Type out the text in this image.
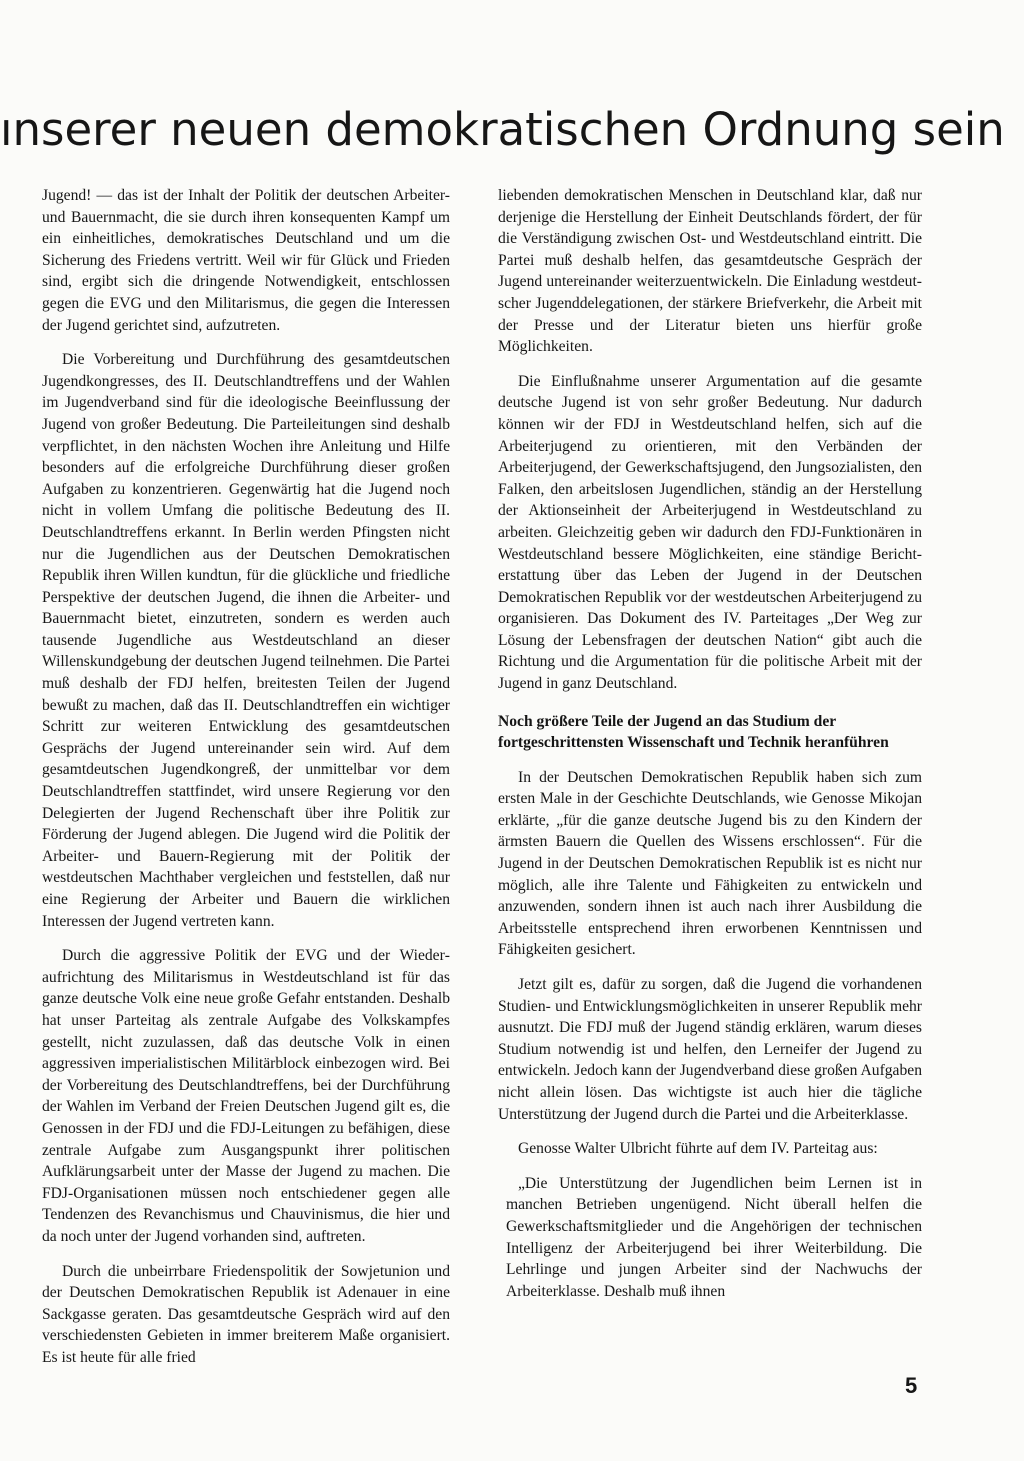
ınserer neuen demokratischen Ordnung sein

Jugend! — das ist der Inhalt der Politik der deutschen Arbeiter- und Bauernmacht, die sie durch ihren konsequenten Kampf um ein einheitliches, demokratisches Deutschland und um die Sicherung des Friedens vertritt. Weil wir für Glück und Frieden sind, ergibt sich die dringende Notwendigkeit, entschlossen gegen die EVG und den Militarismus, die gegen die Interessen der Jugend gerichtet sind, aufzutreten.

Die Vorbereitung und Durchführung des gesamtdeutschen Jugendkongresses, des II. Deutschlandtreffens und der Wahlen im Jugendverband sind für die ideologische Beeinflussung der Jugend von großer Bedeutung. Die Parteileitungen sind deshalb verpflichtet, in den nächsten Wochen ihre Anleitung und Hilfe besonders auf die erfolgreiche Durchführung dieser großen Aufgaben zu konzentrieren. Gegenwärtig hat die Jugend noch nicht in vollem Umfang die politische Bedeutung des II. Deutschlandtreffens erkannt. In Berlin werden Pfingsten nicht nur die Jugendlichen aus der Deutschen Demokratischen Republik ihren Willen kundtun, für die glückliche und friedliche Perspektive der deutschen Jugend, die ihnen die Arbeiter- und Bauernmacht bietet, einzutreten, sondern es werden auch tausende Jugendliche aus Westdeutschland an dieser Willenskundgebung der deutschen Jugend teilnehmen. Die Partei muß deshalb der FDJ helfen, breitesten Teilen der Jugend bewußt zu machen, daß das II. Deutschlandtreffen ein wichtiger Schritt zur weiteren Entwicklung des gesamtdeutschen Gesprächs der Jugend untereinander sein wird. Auf dem gesamtdeutschen Jugendkongreß, der unmittelbar vor dem Deutschlandtreffen stattfindet, wird unsere Regierung vor den Delegierten der Jugend Rechenschaft über ihre Politik zur Förderung der Jugend ablegen. Die Jugend wird die Politik der Arbeiter- und Bauern-Regierung mit der Politik der westdeutschen Machthaber vergleichen und feststellen, daß nur eine Regierung der Arbeiter und Bauern die wirklichen Interessen der Jugend vertreten kann.

Durch die aggressive Politik der EVG und der Wiederaufrichtung des Militarismus in Westdeutschland ist für das ganze deutsche Volk eine neue große Gefahr entstanden. Deshalb hat unser Parteitag als zentrale Aufgabe des Volkskampfes gestellt, nicht zuzulassen, daß das deutsche Volk in einen aggressiven imperialistischen Militärblock einbezogen wird. Bei der Vorbereitung des Deutschlandtreffens, bei der Durchführung der Wahlen im Verband der Freien Deutschen Jugend gilt es, die Genossen in der FDJ und die FDJ-Leitungen zu befähigen, diese zentrale Aufgabe zum Ausgangspunkt ihrer politischen Aufklärungsarbeit unter der Masse der Jugend zu machen. Die FDJ-Organisationen müssen noch entschiedener gegen alle Tendenzen des Revanchismus und Chauvinismus, die hier und da noch unter der Jugend vorhanden sind, auftreten.

Durch die unbeirrbare Friedenspolitik der Sowjetunion und der Deutschen Demokratischen Republik ist Adenauer in eine Sackgasse geraten. Das gesamtdeutsche Gespräch wird auf den verschiedensten Gebieten in immer breiterem Maße organisiert. Es ist heute für alle fried

liebenden demokratischen Menschen in Deutschland klar, daß nur derjenige die Herstellung der Einheit Deutschlands fördert, der für die Verständigung zwischen Ost- und Westdeutschland eintritt. Die Partei muß deshalb helfen, das gesamtdeutsche Gespräch der Jugend untereinander weiterzuentwickeln. Die Einladung westdeutscher Jugenddelegationen, der stärkere Briefverkehr, die Arbeit mit der Presse und der Literatur bieten uns hierfür große Möglichkeiten.

Die Einflußnahme unserer Argumentation auf die gesamte deutsche Jugend ist von sehr großer Bedeutung. Nur dadurch können wir der FDJ in Westdeutschland helfen, sich auf die Arbeiterjugend zu orientieren, mit den Verbänden der Arbeiterjugend, der Gewerkschaftsjugend, den Jungsozialisten, den Falken, den arbeitslosen Jugendlichen, ständig an der Herstellung der Aktionseinheit der Arbeiterjugend in Westdeutschland zu arbeiten. Gleichzeitig geben wir dadurch den FDJ-Funktionären in Westdeutschland bessere Möglichkeiten, eine ständige Berichterstattung über das Leben der Jugend in der Deutschen Demokratischen Republik vor der westdeutschen Arbeiterjugend zu organisieren. Das Dokument des IV. Parteitages „Der Weg zur Lösung der Lebensfragen der deutschen Nation“ gibt auch die Richtung und die Argumentation für die politische Arbeit mit der Jugend in ganz Deutschland.

Noch größere Teile der Jugend an das Studium der fortgeschrittensten Wissenschaft und Technik heranführen

In der Deutschen Demokratischen Republik haben sich zum ersten Male in der Geschichte Deutschlands, wie Genosse Mikojan erklärte, „für die ganze deutsche Jugend bis zu den Kindern der ärmsten Bauern die Quellen des Wissens erschlossen“. Für die Jugend in der Deutschen Demokratischen Republik ist es nicht nur möglich, alle ihre Talente und Fähigkeiten zu entwickeln und anzuwenden, sondern ihnen ist auch nach ihrer Ausbildung die Arbeitsstelle entsprechend ihren erworbenen Kenntnissen und Fähigkeiten gesichert.

Jetzt gilt es, dafür zu sorgen, daß die Jugend die vorhandenen Studien- und Entwicklungsmöglichkeiten in unserer Republik mehr ausnutzt. Die FDJ muß der Jugend ständig erklären, warum dieses Studium notwendig ist und helfen, den Lerneifer der Jugend zu entwickeln. Jedoch kann der Jugendverband diese großen Aufgaben nicht allein lösen. Das wichtigste ist auch hier die tägliche Unterstützung der Jugend durch die Partei und die Arbeiterklasse.

Genosse Walter Ulbricht führte auf dem IV. Parteitag aus:

„Die Unterstützung der Jugendlichen beim Lernen ist in manchen Betrieben ungenügend. Nicht überall helfen die Gewerkschaftsmitglieder und die Angehörigen der technischen Intelligenz der Arbeiterjugend bei ihrer Weiterbildung. Die Lehrlinge und jungen Arbeiter sind der Nachwuchs der Arbeiterklasse. Deshalb muß ihnen

5
